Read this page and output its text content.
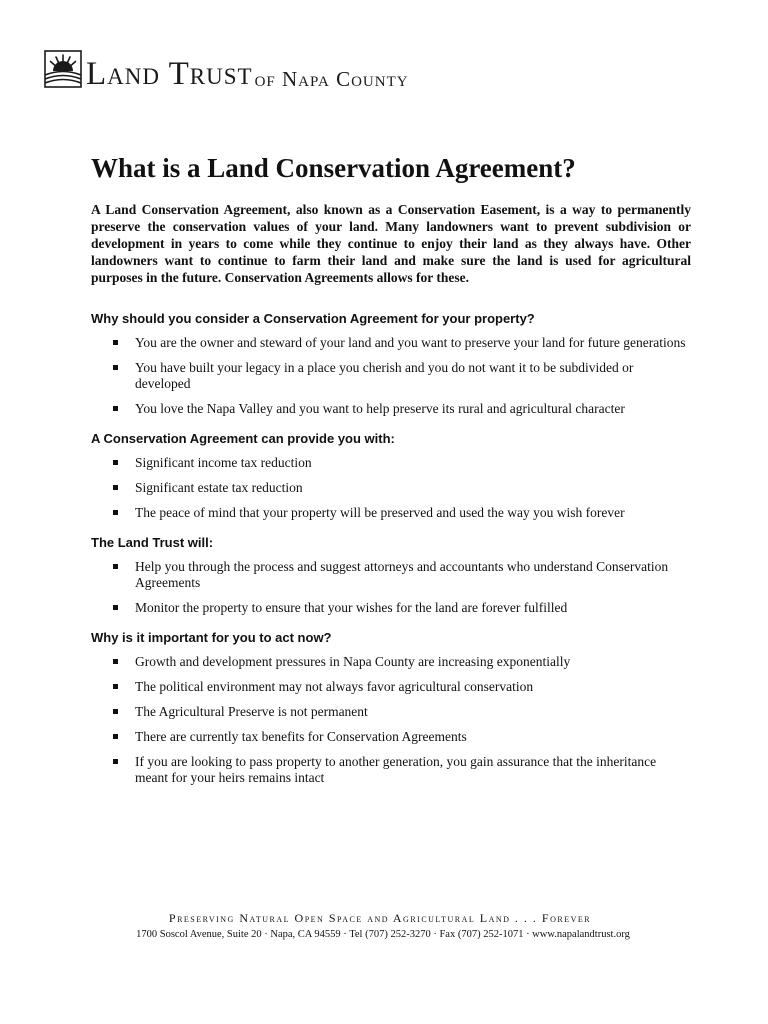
Land Trust of Napa County
What is a Land Conservation Agreement?

A Land Conservation Agreement, also known as a Conservation Easement, is a way to permanently preserve the conservation values of your land. Many landowners want to prevent subdivision or development in years to come while they continue to enjoy their land as they always have. Other landowners want to continue to farm their land and make sure the land is used for agricultural purposes in the future. Conservation Agreements allows for these.

Why should you consider a Conservation Agreement for your property?
You are the owner and steward of your land and you want to preserve your land for future generations
You have built your legacy in a place you cherish and you do not want it to be subdivided or developed
You love the Napa Valley and you want to help preserve its rural and agricultural character
A Conservation Agreement can provide you with:
Significant income tax reduction
Significant estate tax reduction
The peace of mind that your property will be preserved and used the way you wish forever
The Land Trust will:
Help you through the process and suggest attorneys and accountants who understand Conservation Agreements
Monitor the property to ensure that your wishes for the land are forever fulfilled
Why is it important for you to act now?
Growth and development pressures in Napa County are increasing exponentially
The political environment may not always favor agricultural conservation
The Agricultural Preserve is not permanent
There are currently tax benefits for Conservation Agreements
If you are looking to pass property to another generation, you gain assurance that the inheritance meant for your heirs remains intact

Preserving Natural Open Space and Agricultural Land . . . Forever

1700 Soscol Avenue, Suite 20 · Napa, CA 94559 · Tel (707) 252-3270 · Fax (707) 252-1071 · www.napalandtrust.org
